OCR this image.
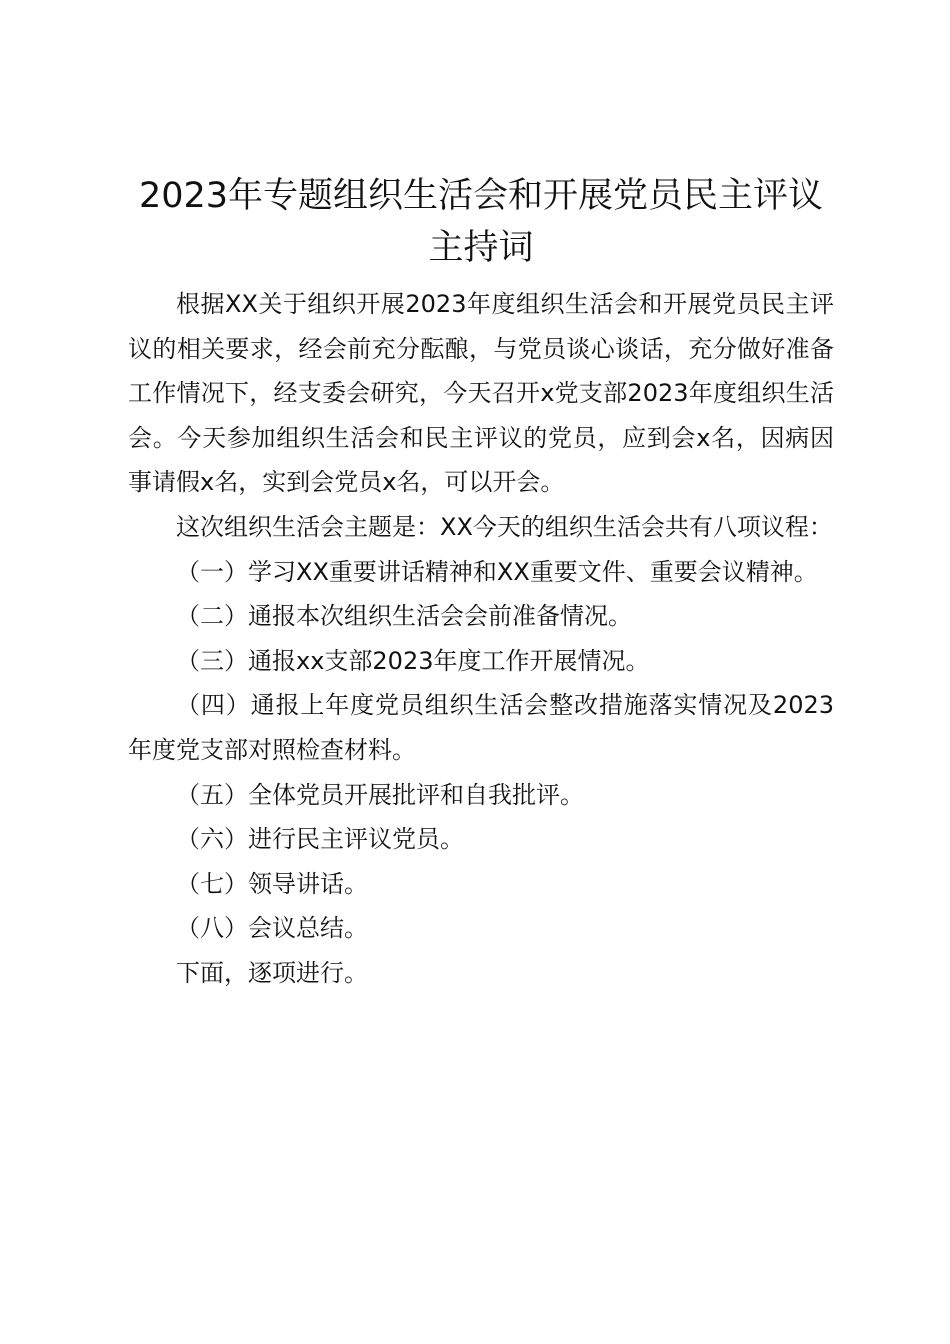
2023年专题组织生活会和开展党员民主评议
主持词

根据XX关于组织开展2023年度组织生活会和开展党员民主评议的相关要求，经会前充分酝酿，与党员谈心谈话，充分做好准备工作情况下，经支委会研究，今天召开x党支部2023年度组织生活会。今天参加组织生活会和民主评议的党员，应到会x名，因病因事请假x名，实到会党员x名，可以开会。

这次组织生活会主题是：XX今天的组织生活会共有八项议程：

（一）学习XX重要讲话精神和XX重要文件、重要会议精神。

（二）通报本次组织生活会会前准备情况。

（三）通报xx支部2023年度工作开展情况。

（四）通报上年度党员组织生活会整改措施落实情况及2023年度党支部对照检查材料。

（五）全体党员开展批评和自我批评。

（六）进行民主评议党员。

（七）领导讲话。

（八）会议总结。

下面，逐项进行。
